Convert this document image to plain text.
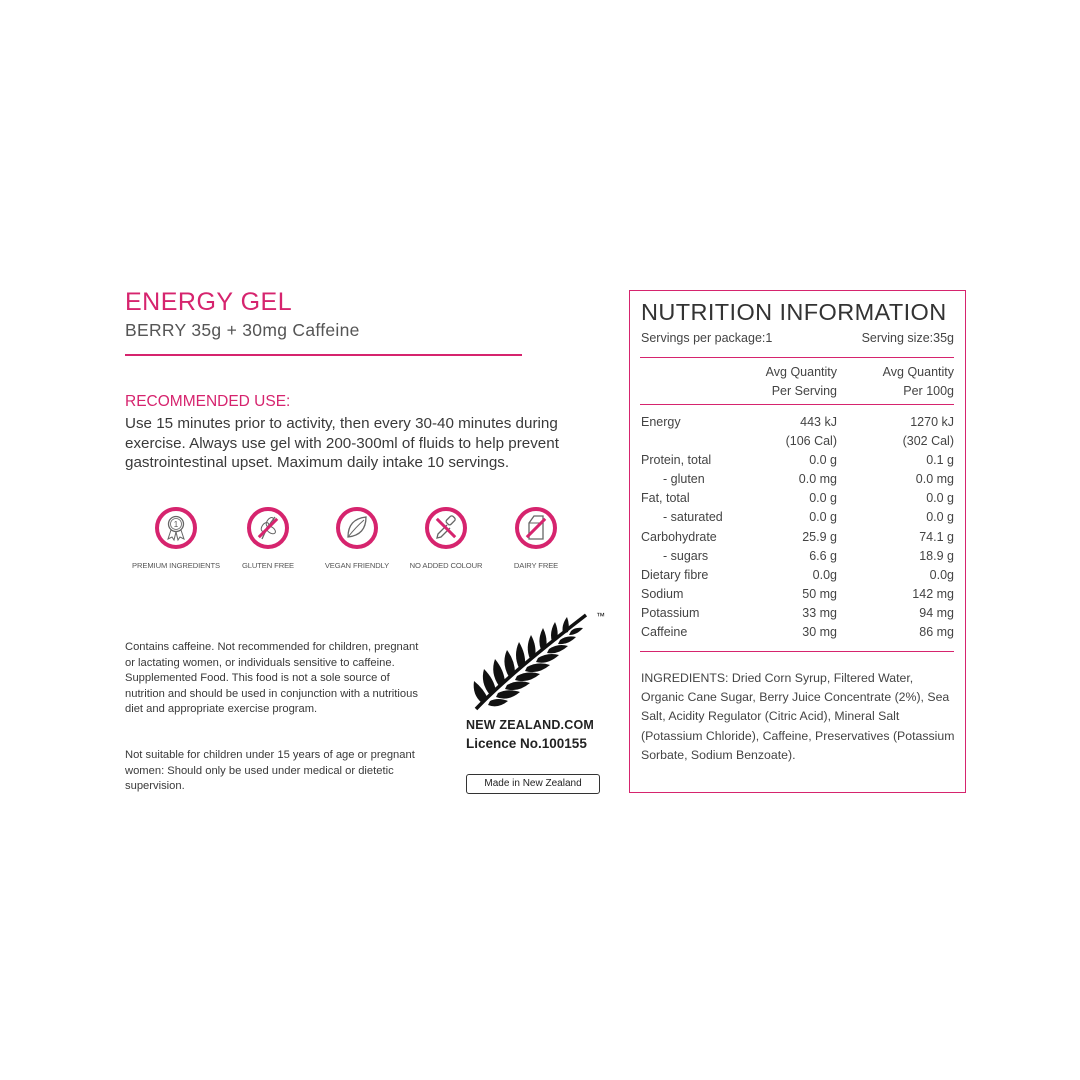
ENERGY GEL
BERRY 35g + 30mg Caffeine
RECOMMENDED USE:
Use 15 minutes prior to activity, then every 30-40 minutes during exercise. Always use gel with 200-300ml of fluids to help prevent gastrointestinal upset. Maximum daily intake 10 servings.
1
PREMIUM INGREDIENTS	GLUTEN FREE	VEGAN FRIENDLY	NO ADDED COLOUR	DAIRY FREE
Contains caffeine. Not recommended for children, pregnant or lactating women, or individuals sensitive to caffeine. Supplemented Food. This food is not a sole source of nutrition and should be used in conjunction with a nutritious diet and appropriate exercise program.
Not suitable for children under 15 years of age or pregnant women: Should only be used under medical or dietetic supervision.
™
NEW ZEALAND.COM
Licence No.100155
Made in New Zealand
NUTRITION INFORMATION
Servings per package:1	Serving size:35g
Avg Quantity
Per Serving
Avg Quantity
Per 100g
Energy	443 kJ	1270 kJ
(106 Cal)	(302 Cal)
Protein, total	0.0 g	0.1 g
- gluten	0.0 mg	0.0 mg
Fat, total	0.0 g	0.0 g
- saturated	0.0 g	0.0 g
Carbohydrate	25.9 g	74.1 g
- sugars	6.6 g	18.9 g
Dietary fibre	0.0g	0.0g
Sodium	50 mg	142 mg
Potassium	33 mg	94 mg
Caffeine	30 mg	86 mg
INGREDIENTS: Dried Corn Syrup, Filtered Water, Organic Cane Sugar, Berry Juice Concentrate (2%), Sea Salt, Acidity Regulator (Citric Acid), Mineral Salt (Potassium Chloride), Caffeine, Preservatives (Potassium Sorbate, Sodium Benzoate).
